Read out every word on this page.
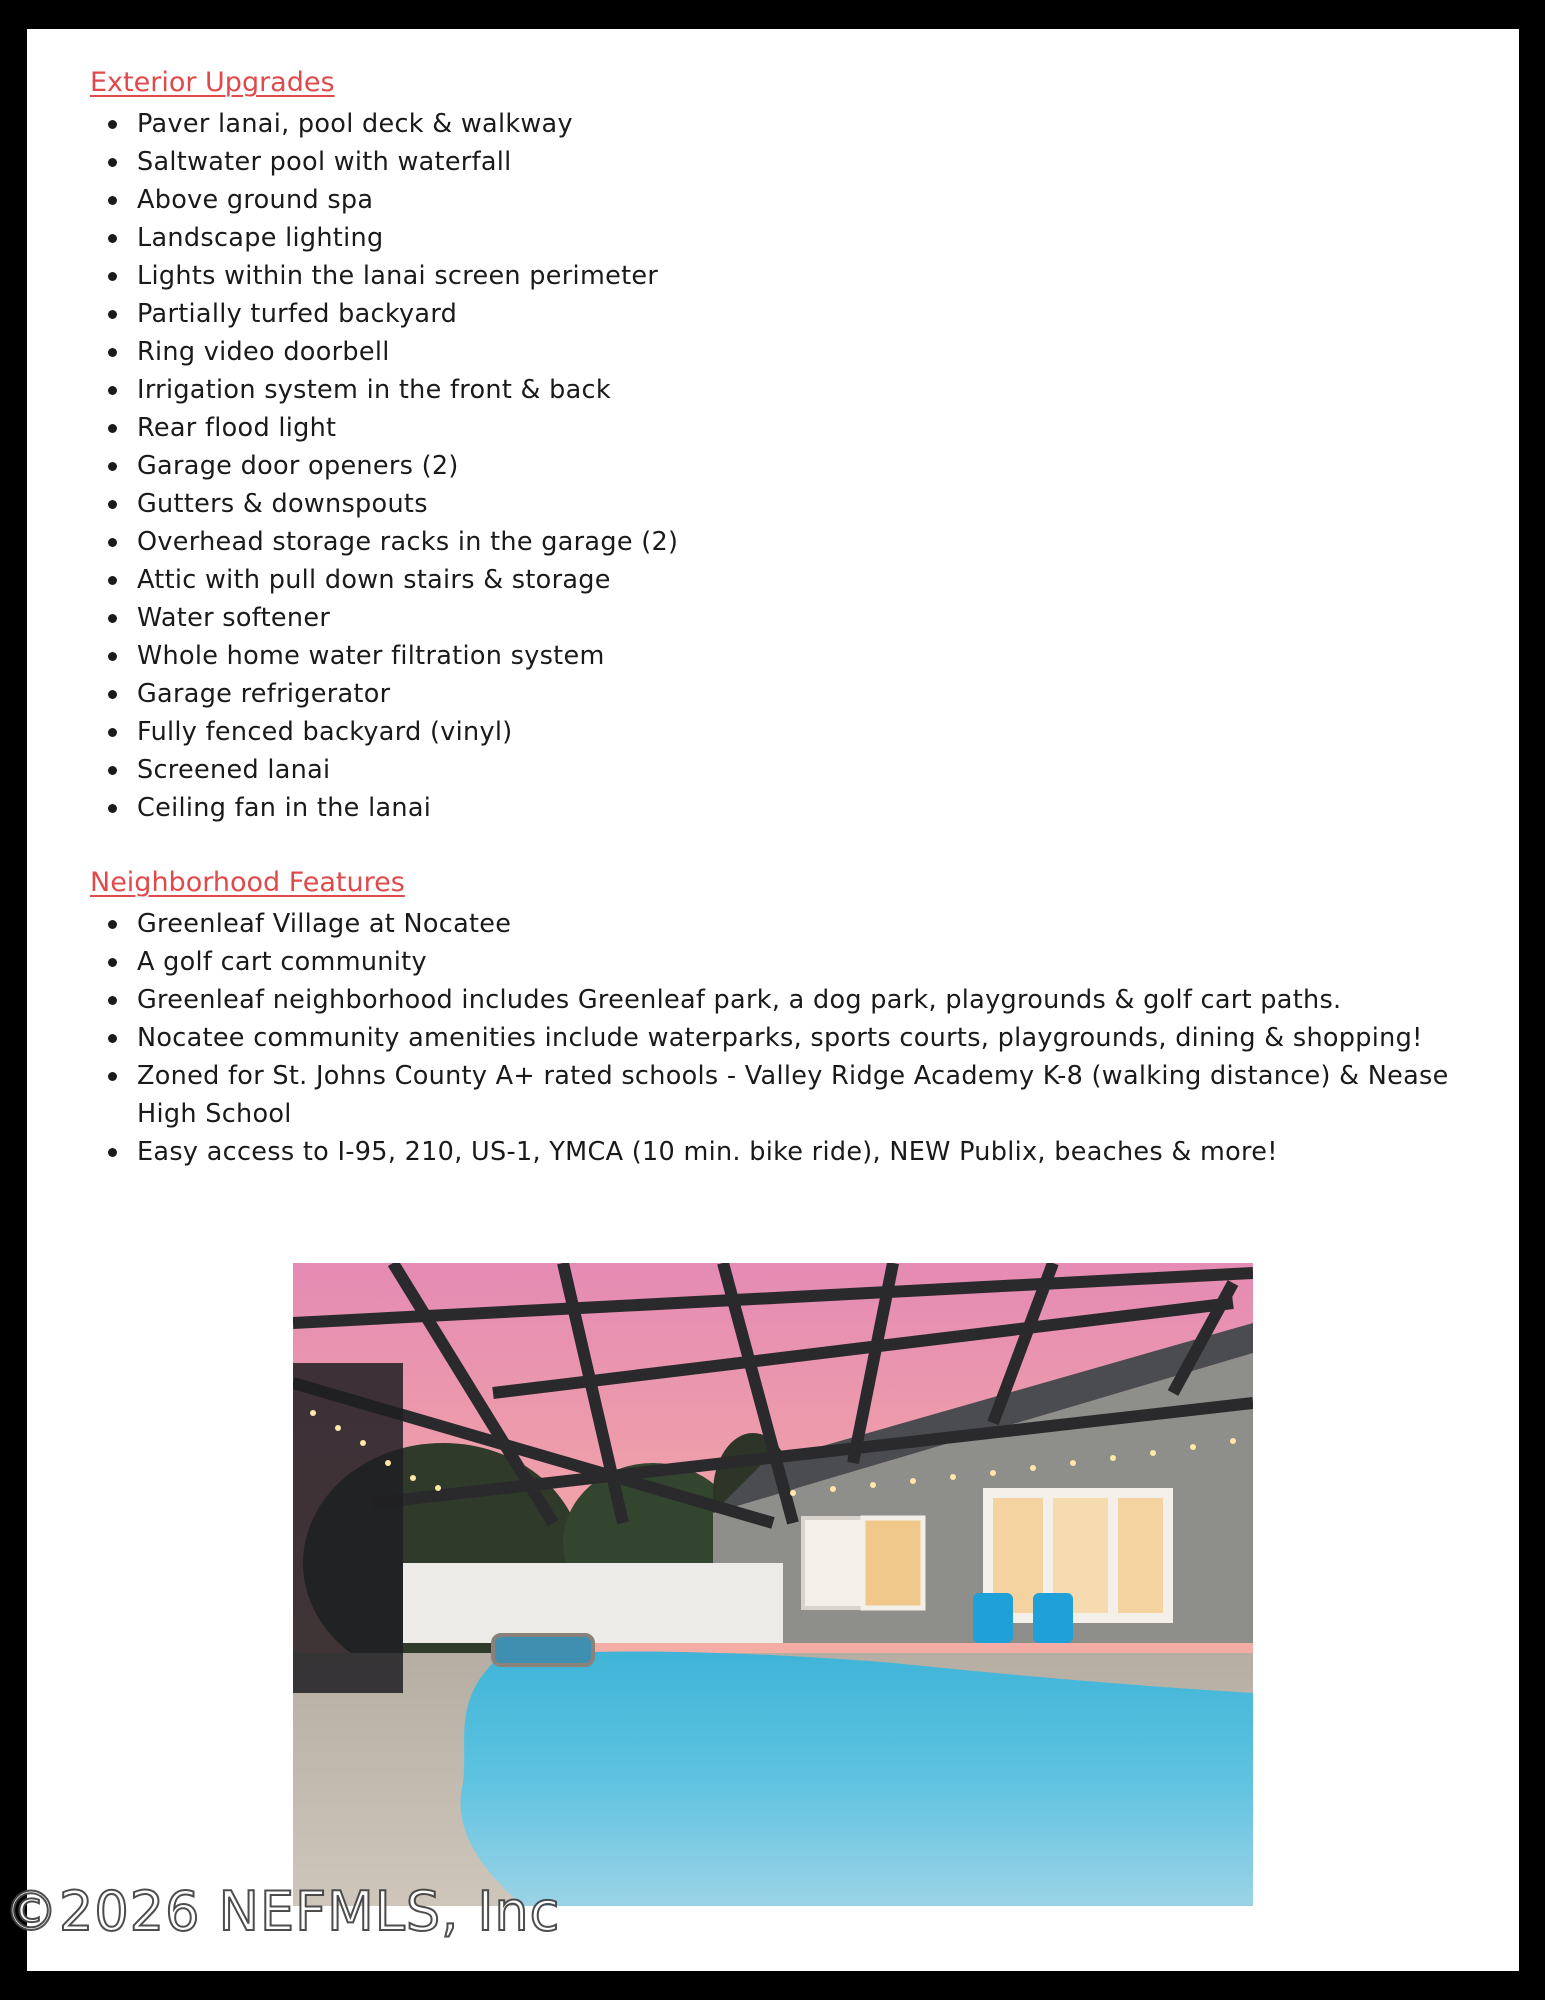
Exterior Upgrades
Paver lanai, pool deck & walkway
Saltwater pool with waterfall
Above ground spa
Landscape lighting
Lights within the lanai screen perimeter
Partially turfed backyard
Ring video doorbell
Irrigation system in the front & back
Rear flood light
Garage door openers (2)
Gutters & downspouts
Overhead storage racks in the garage (2)
Attic with pull down stairs & storage
Water softener
Whole home water filtration system
Garage refrigerator
Fully fenced backyard (vinyl)
Screened lanai
Ceiling fan in the lanai
Neighborhood Features
Greenleaf Village at Nocatee
A golf cart community
Greenleaf neighborhood includes Greenleaf park, a dog park, playgrounds & golf cart paths.
Nocatee community amenities include waterparks, sports courts, playgrounds, dining & shopping!
Zoned for St. Johns County A+ rated schools - Valley Ridge Academy K-8 (walking distance) & Nease High School
Easy access to I-95, 210, US-1, YMCA (10 min. bike ride), NEW Publix, beaches & more!
©2026 NEFMLS, Inc
